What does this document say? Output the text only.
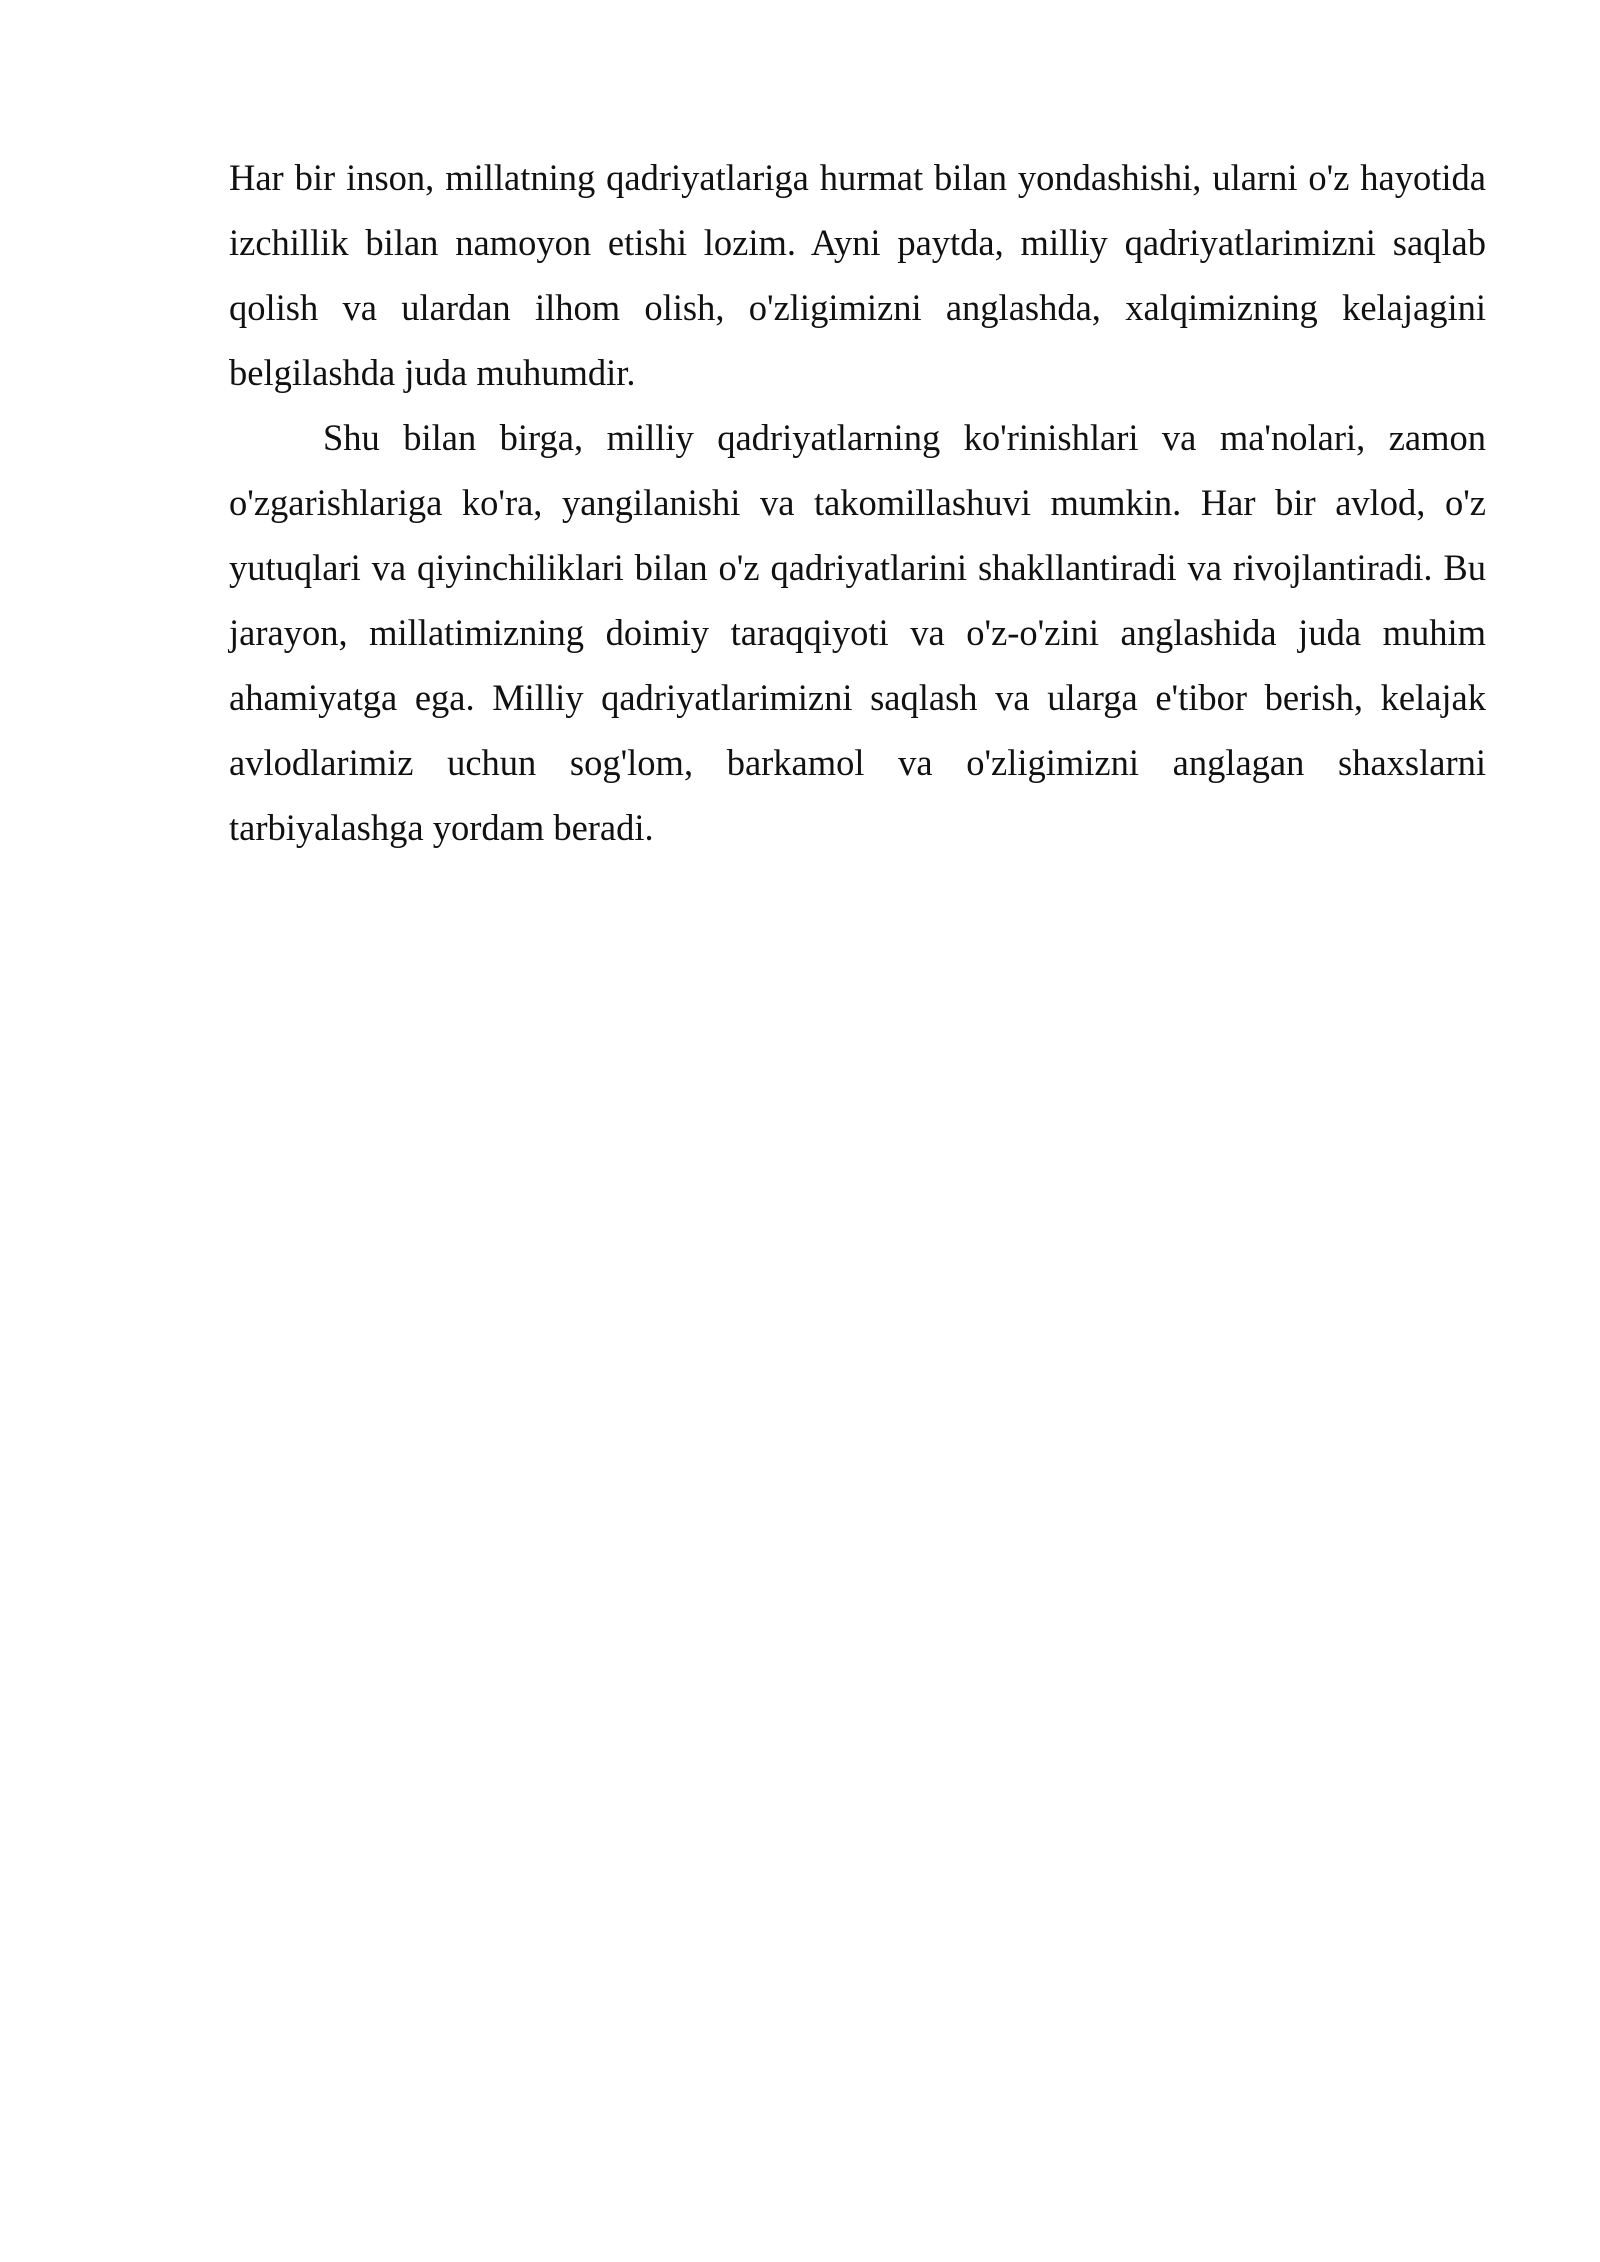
Har bir inson, millatning qadriyatlariga hurmat bilan yondashishi, ularni o'z hayotida izchillik bilan namoyon etishi lozim. Ayni paytda, milliy qadriyatlarimizni saqlab qolish va ulardan ilhom olish, o'zligimizni anglashda, xalqimizning kelajagini belgilashda juda muhumdir.

Shu bilan birga, milliy qadriyatlarning ko'rinishlari va ma'nolari, zamon o'zgarishlariga ko'ra, yangilanishi va takomillashuvi mumkin. Har bir avlod, o'z yutuqlari va qiyinchiliklari bilan o'z qadriyatlarini shakllantiradi va rivojlantiradi. Bu jarayon, millatimizning doimiy taraqqiyoti va o'z-o'zini anglashida juda muhim ahamiyatga ega. Milliy qadriyatlarimizni saqlash va ularga e'tibor berish, kelajak avlodlarimiz uchun sog'lom, barkamol va o'zligimizni anglagan shaxslarni tarbiyalashga yordam beradi.
